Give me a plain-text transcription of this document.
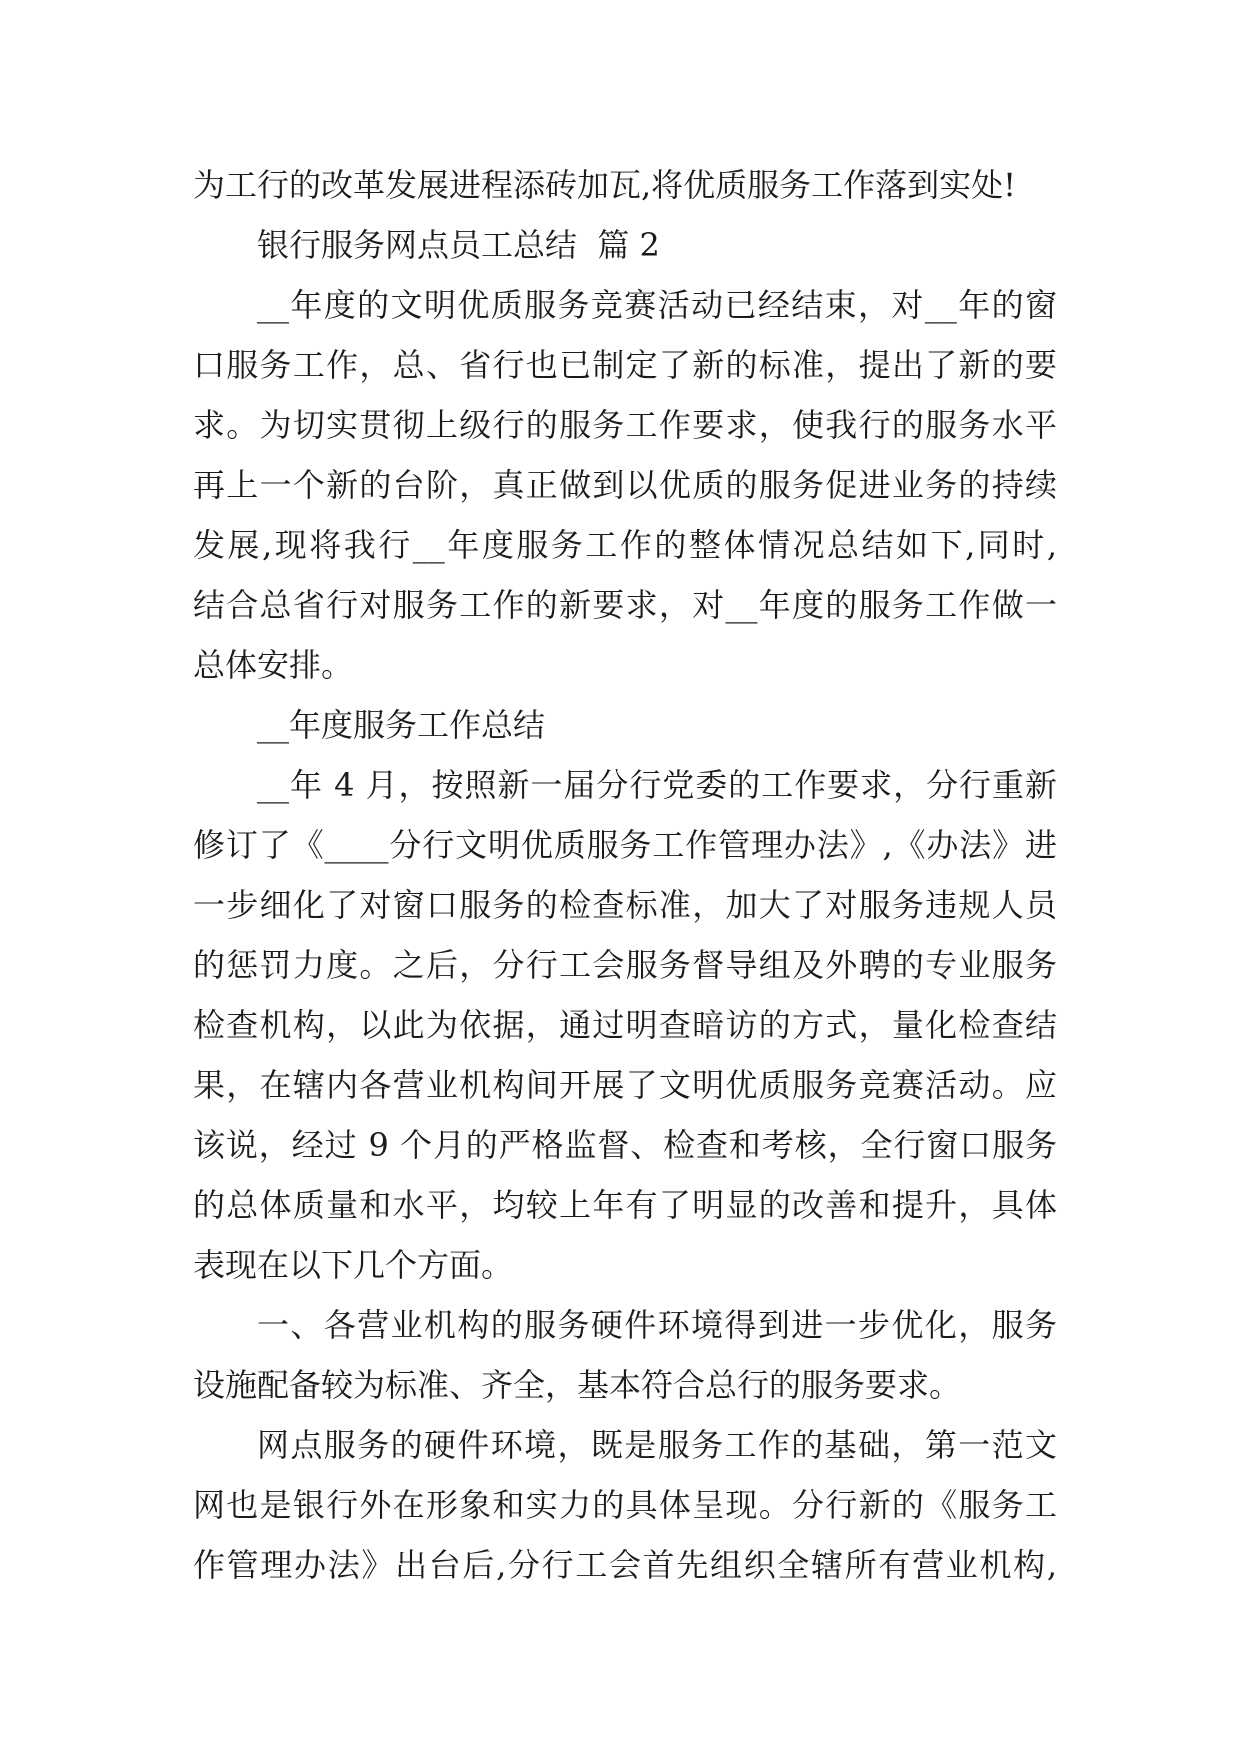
为工行的改革发展进程添砖加瓦,将优质服务工作落到实处!
银行服务网点员工总结  篇 2
__年度的文明优质服务竞赛活动已经结束，对__年的窗
口服务工作，总、省行也已制定了新的标准，提出了新的要
求。为切实贯彻上级行的服务工作要求，使我行的服务水平
再上一个新的台阶，真正做到以优质的服务促进业务的持续
发展,现将我行__年度服务工作的整体情况总结如下,同时,
结合总省行对服务工作的新要求，对__年度的服务工作做一
总体安排。
__年度服务工作总结
__年 4 月，按照新一届分行党委的工作要求，分行重新
修订了《____分行文明优质服务工作管理办法》,《办法》进
一步细化了对窗口服务的检查标准，加大了对服务违规人员
的惩罚力度。之后，分行工会服务督导组及外聘的专业服务
检查机构，以此为依据，通过明查暗访的方式，量化检查结
果，在辖内各营业机构间开展了文明优质服务竞赛活动。应
该说，经过 9 个月的严格监督、检查和考核，全行窗口服务
的总体质量和水平，均较上年有了明显的改善和提升，具体
表现在以下几个方面。
一、各营业机构的服务硬件环境得到进一步优化，服务
设施配备较为标准、齐全，基本符合总行的服务要求。
网点服务的硬件环境，既是服务工作的基础，第一范文
网也是银行外在形象和实力的具体呈现。分行新的《服务工
作管理办法》出台后,分行工会首先组织全辖所有营业机构,
